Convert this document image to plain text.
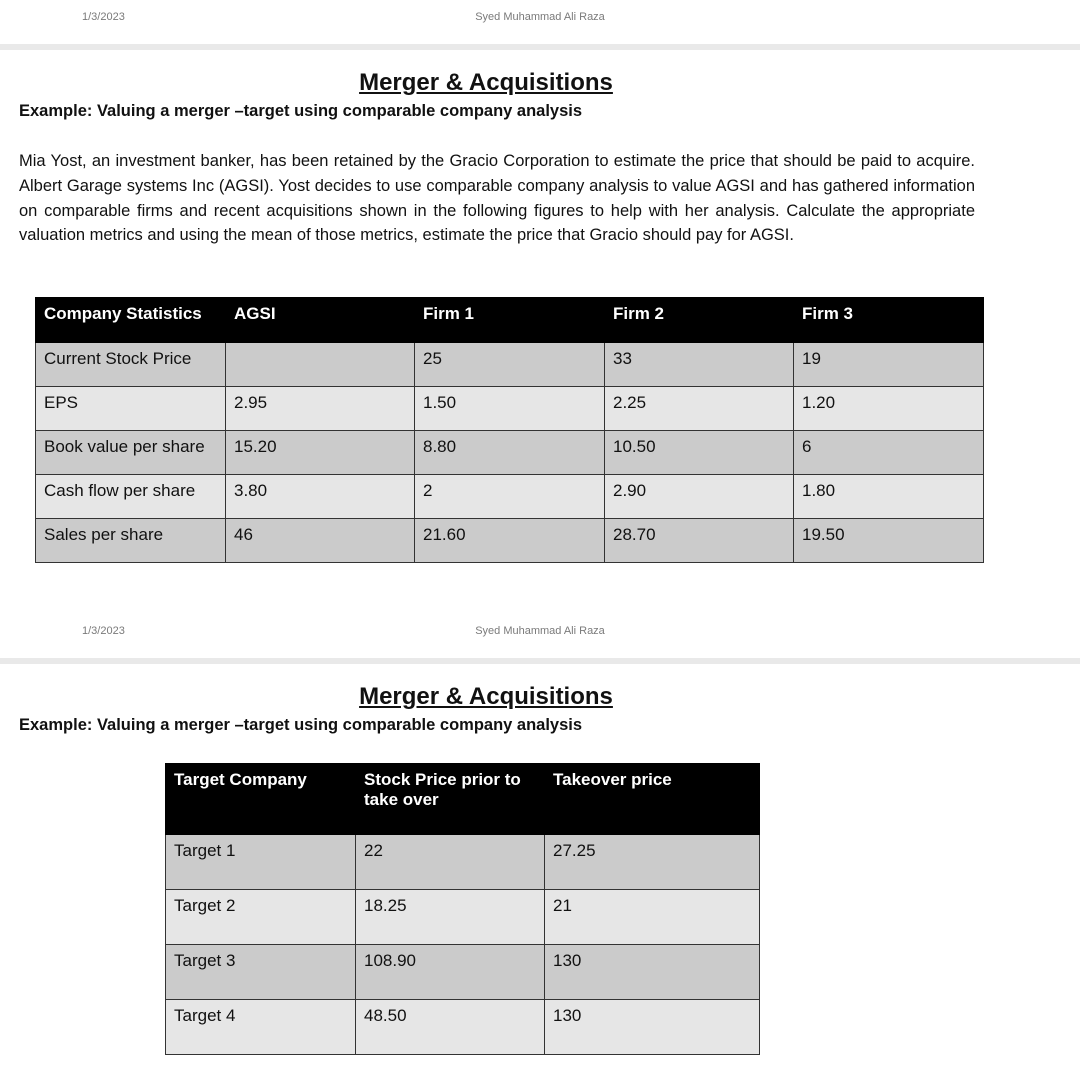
1/3/2023	Syed Muhammad Ali Raza
Merger & Acquisitions
Example: Valuing a merger –target using comparable company analysis

Mia Yost, an investment banker, has been retained by the Gracio Corporation to estimate the price that should be paid to acquire. Albert Garage systems Inc (AGSI). Yost decides to use comparable company analysis to value AGSI and has gathered information on comparable firms and recent acquisitions shown in the following figures to help with her analysis. Calculate the appropriate valuation metrics and using the mean of those metrics, estimate the price that Gracio should pay for AGSI.

Company Statistics	AGSI	Firm 1	Firm 2	Firm 3
Current Stock Price		25	33	19
EPS	2.95	1.50	2.25	1.20
Book value per share	15.20	8.80	10.50	6
Cash flow per share	3.80	2	2.90	1.80
Sales per share	46	21.60	28.70	19.50
1/3/2023	Syed Muhammad Ali Raza
Merger & Acquisitions
Example: Valuing a merger –target using comparable company analysis
Target Company	Stock Price prior to take over	Takeover price
Target 1	22	27.25
Target 2	18.25	21
Target 3	108.90	130
Target 4	48.50	130
